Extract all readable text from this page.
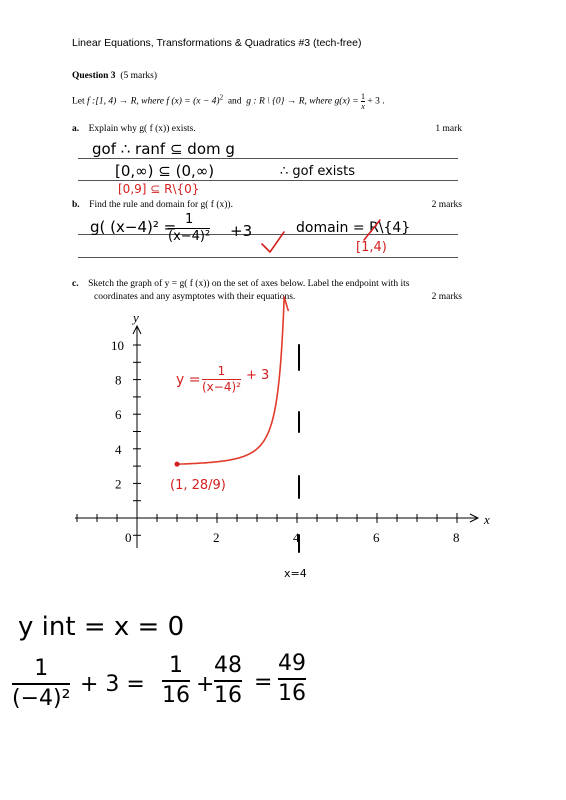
Linear Equations, Transformations & Quadratics #3 (tech-free)
Question 3 (5 marks)
Let f :[1, 4) → R, where f $(x) = (x - 4)^2$ and g : R \ {0} → R, where $g(x) = \frac{1}{x} + 3$ .
a. Explain why g( f (x)) exists.	1 mark
gof ∴ ranf ⊆ dom g
[0,∞) ⊆ (0,∞)	∴ gof exists
[0,9] ⊆ R\{0}
b. Find the rule and domain for g( f (x)).	2 marks
g( (x−4)² =
$\frac{1}{\text{(x−4)²}} +3$	domain = R\{4}
[1,4)
c. Sketch the graph of y = g( f (x)) on the set of axes below. Label the endpoint with its
coordinates and any asymptotes with their equations.	2 marks
2	4	6	8
2
4
6
8
10
0
x
y
$y = \frac{1}{\text{(x−4)²}} + 3$
(1, 28/9)
x=4
y int = x = 0
$\frac{1}{\text{(−4)²}} + 3 = \frac{1}{16} + \frac{48}{16} = \frac{49}{16}$
